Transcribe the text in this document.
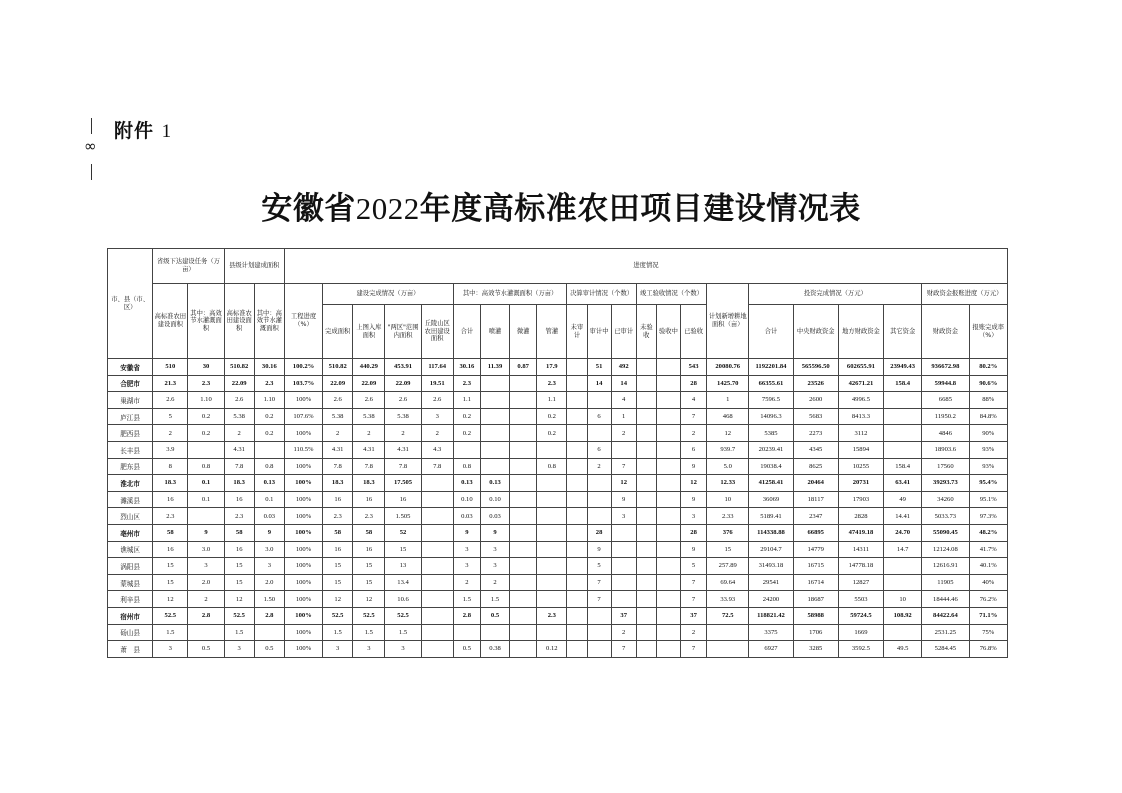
∞
附件 1
安徽省2022年度高标准农田项目建设情况表
市、县（市、区）	省级下达建设任务（万亩）		县级计划建成面积		进度情况																					
	高标准农田建设面积	其中：高效节水灌溉面积	高标准农田建设面积	其中：高效节水灌溉面积	工程进度（%）	建设完成情况（万亩）				其中：高效节水灌溉面积（万亩）				决算审计情况（个数）			竣工验收情况（个数）			计划新增耕地面积（亩）	投资完成情况（万元）				财政资金报账进度（万元）	
						完成面积	上图入库面积	"两区"范围内面积	丘陵山区农田建设面积	合计	喷灌	微灌	管灌	未审计	审计中	已审计	未验收	验收中	已验收		合计	中央财政资金	地方财政资金	其它资金	财政资金	报账完成率（%）
安徽省	510	30	510.82	30.16	100.2%	510.82	440.29	453.91	117.64	30.16	11.39	0.87	17.9		51	492			543	20080.76	1192201.84	565596.50	602655.91	23949.43	936672.98	80.2%
合肥市	21.3	2.3	22.09	2.3	103.7%	22.09	22.09	22.09	19.51	2.3			2.3		14	14			28	1425.70	66355.61	23526	42671.21	158.4	59944.8	90.6%
巢湖市	2.6	1.10	2.6	1.10	100%	2.6	2.6	2.6	2.6	1.1			1.1			4			4	1	7596.5	2600	4996.5		6685	88%
庐江县	5	0.2	5.38	0.2	107.6%	5.38	5.38	5.38	3	0.2			0.2		6	1			7	468	14096.3	5683	8413.3		11950.2	84.8%
肥西县	2	0.2	2	0.2	100%	2	2	2	2	0.2			0.2			2			2	12	5385	2273	3112		4846	90%
长丰县	3.9		4.31		110.5%	4.31	4.31	4.31	4.3						6				6	939.7	20239.41	4345	15894		18903.6	93%
肥东县	8	0.8	7.8	0.8	100%	7.8	7.8	7.8	7.8	0.8			0.8		2	7			9	5.0	19038.4	8625	10255	158.4	17560	93%
淮北市	18.3	0.1	18.3	0.13	100%	18.3	18.3	17.505		0.13	0.13					12			12	12.33	41258.41	20464	20731	63.41	39293.73	95.4%
濉溪县	16	0.1	16	0.1	100%	16	16	16		0.10	0.10					9			9	10	36069	18117	17903	49	34260	95.1%
烈山区	2.3		2.3	0.03	100%	2.3	2.3	1.505		0.03	0.03					3			3	2.33	5189.41	2347	2828	14.41	5033.73	97.3%
亳州市	58	9	58	9	100%	58	58	52		9	9				28				28	376	114338.88	66895	47419.18	24.70	55090.45	48.2%
谯城区	16	3.0	16	3.0	100%	16	16	15		3	3				9				9	15	29104.7	14779	14311	14.7	12124.08	41.7%
涡阳县	15	3	15	3	100%	15	15	13		3	3				5				5	257.89	31493.18	16715	14778.18		12616.91	40.1%
蒙城县	15	2.0	15	2.0	100%	15	15	13.4		2	2				7				7	69.64	29541	16714	12827		11905	40%
利辛县	12	2	12	1.50	100%	12	12	10.6		1.5	1.5				7				7	33.93	24200	18687	5503	10	18444.46	76.2%
宿州市	52.5	2.8	52.5	2.8	100%	52.5	52.5	52.5		2.8	0.5		2.3			37			37	72.5	118821.42	58988	59724.5	108.92	84422.64	71.1%
砀山县	1.5		1.5		100%	1.5	1.5	1.5								2			2		3375	1706	1669		2531.25	75%
萧　县	3	0.5	3	0.5	100%	3	3	3		0.5	0.38		0.12			7			7		6927	3285	3592.5	49.5	5284.45	76.8%
